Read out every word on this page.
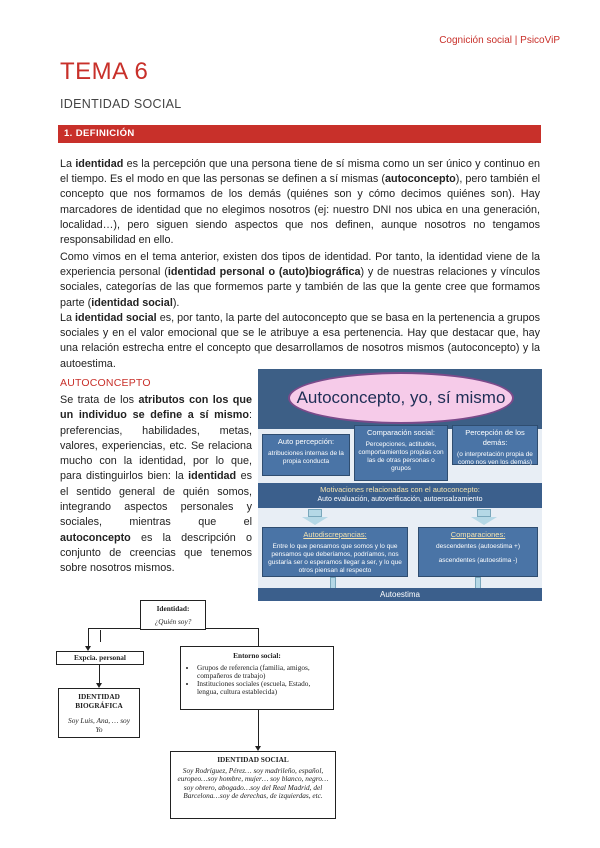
Cognición social | PsicoViP
TEMA 6
IDENTIDAD SOCIAL
1. DEFINICIÓN
La identidad es la percepción que una persona tiene de sí misma como un ser único y continuo en el tiempo. Es el modo en que las personas se definen a sí mismas (autoconcepto), pero también el concepto que nos formamos de los demás (quiénes son y cómo decimos quiénes son). Hay marcadores de identidad que no elegimos nosotros (ej: nuestro DNI nos ubica en una generación, localidad…), pero siguen siendo aspectos que nos definen, aunque nosotros no tengamos responsabilidad en ello.
Como vimos en el tema anterior, existen dos tipos de identidad. Por tanto, la identidad viene de la experiencia personal (identidad personal o (auto)biográfica) y de nuestras relaciones y vínculos sociales, categorías de las que formemos parte y también de las que la gente cree que formamos parte (identidad social).
La identidad social es, por tanto, la parte del autoconcepto que se basa en la pertenencia a grupos sociales y en el valor emocional que se le atribuye a esa pertenencia. Hay que destacar que, hay una relación estrecha entre el concepto que desarrollamos de nosotros mismos (autoconcepto) y la autoestima.
AUTOCONCEPTO
Se trata de los atributos con los que un individuo se define a sí mismo: preferencias, habilidades, metas, valores, experiencias, etc. Se relaciona mucho con la identidad, por lo que, para distinguirlos bien: la identidad es el sentido general de quién somos, integrando aspectos personales y sociales, mientras que el autoconcepto es la descripción o conjunto de creencias que tenemos sobre nosotros mismos.
Autoconcepto, yo, sí mismo
Auto percepción:
atribuciones internas de la propia conducta
Comparación social:
Percepciones, actitudes, comportamientos propias con las de otras personas o grupos
Percepción de los demás:
(o interpretación propia de como nos ven los demás)
Motivaciones relacionadas con el autoconcepto:
Auto evaluación, autoverificación, autoensalzamiento
Autodiscrepancias:
Entre lo que pensamos que somos y lo que pensamos que deberíamos, podríamos, nos gustaría ser o esperamos llegar a ser, y lo que otros piensan al respecto
Comparaciones:
descendentes (autoestima +)
ascendentes (autoestima -)
Autoestima
Identidad:
¿Quién soy?
Expcia. personal
IDENTIDAD BIOGRÁFICA
Soy Luis, Ana, … soy Yo
Entorno social:
• Grupos de referencia (familia, amigos, compañeros de trabajo)
• Instituciones sociales (escuela, Estado, lengua, cultura establecida)
IDENTIDAD SOCIAL
Soy Rodríguez, Pérez… soy madrileño, español, europeo…soy hombre, mujer… soy blanco, negro… soy obrero, abogado…soy del Real Madrid, del Barcelona…soy de derechas, de izquierdas, etc.
